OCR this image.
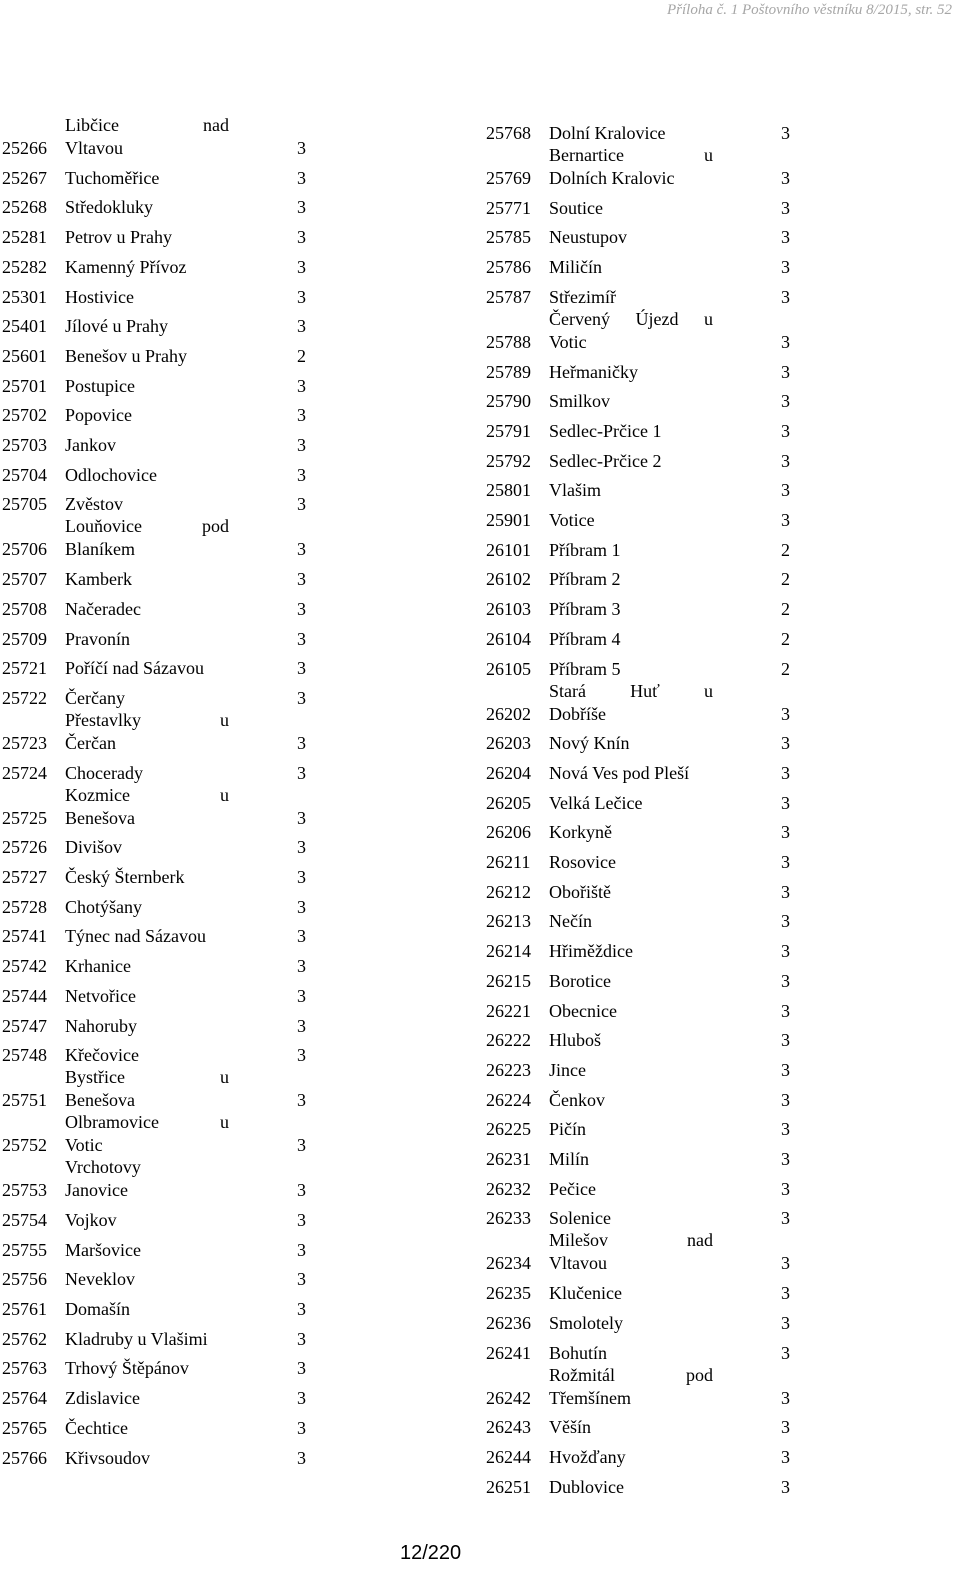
Příloha č. 1 Poštovního věstníku 8/2015, str. 52
Libčice	nad
25266 Vltavou	3
25267 Tuchoměřice	3
25268 Středokluky	3
25281 Petrov u Prahy	3
25282 Kamenný Přívoz	3
25301 Hostivice	3
25401 Jílové u Prahy	3
25601 Benešov u Prahy	2
25701 Postupice	3
25702 Popovice	3
25703 Jankov	3
25704 Odlochovice	3
25705 Zvěstov	3
Louňovice	pod
25706 Blaníkem	3
25707 Kamberk	3
25708 Načeradec	3
25709 Pravonín	3
25721 Poříčí nad Sázavou	3
25722 Čerčany	3
Přestavlky	u
25723 Čerčan	3
25724 Chocerady	3
Kozmice	u
25725 Benešova	3
25726 Divišov	3
25727 Český Šternberk	3
25728 Chotýšany	3
25741 Týnec nad Sázavou	3
25742 Krhanice	3
25744 Netvořice	3
25747 Nahoruby	3
25748 Křečovice	3
Bystřice	u
25751 Benešova	3
Olbramovice	u
25752 Votic	3
Vrchotovy
25753 Janovice	3
25754 Vojkov	3
25755 Maršovice	3
25756 Neveklov	3
25761 Domašín	3
25762 Kladruby u Vlašimi	3
25763 Trhový Štěpánov	3
25764 Zdislavice	3
25765 Čechtice	3
25766 Křivsoudov	3
25768 Dolní Kralovice	3
Bernartice	u
25769 Dolních Kralovic	3
25771 Soutice	3
25785 Neustupov	3
25786 Miličín	3
25787 Střezimíř	3
Červený Újezd u
25788 Votic	3
25789 Heřmaničky	3
25790 Smilkov	3
25791 Sedlec-Prčice 1	3
25792 Sedlec-Prčice 2	3
25801 Vlašim	3
25901 Votice	3
26101 Příbram 1	2
26102 Příbram 2	2
26103 Příbram 3	2
26104 Příbram 4	2
26105 Příbram 5	2
Stará Huť u
26202 Dobříše	3
26203 Nový Knín	3
26204 Nová Ves pod Pleší	3
26205 Velká Lečice	3
26206 Korkyně	3
26211 Rosovice	3
26212 Obořiště	3
26213 Nečín	3
26214 Hřiměždice	3
26215 Borotice	3
26221 Obecnice	3
26222 Hluboš	3
26223 Jince	3
26224 Čenkov	3
26225 Pičín	3
26231 Milín	3
26232 Pečice	3
26233 Solenice	3
Milešov	nad
26234 Vltavou	3
26235 Klučenice	3
26236 Smolotely	3
26241 Bohutín	3
Rožmitál	pod
26242 Třemšínem	3
26243 Věšín	3
26244 Hvožďany	3
26251 Dublovice	3
12/220
